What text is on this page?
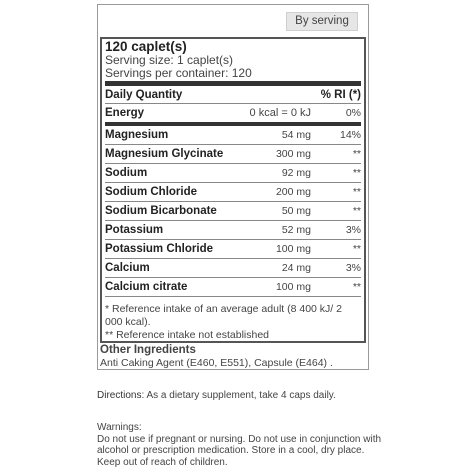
By serving
120 caplet(s)
Serving size: 1 caplet(s)
Servings per container: 120
Daily Quantity	% RI (*)
Energy	0 kcal = 0 kJ	0%
Magnesium	54 mg	14%
Magnesium Glycinate	300 mg	**
Sodium	92 mg	**
Sodium Chloride	200 mg	**
Sodium Bicarbonate	50 mg	**
Potassium	52 mg	3%
Potassium Chloride	100 mg	**
Calcium	24 mg	3%
Calcium citrate	100 mg	**
* Reference intake of an average adult (8 400 kJ/ 2 000 kcal).
** Reference intake not established
Other Ingredients
Anti Caking Agent (E460, E551), Capsule (E464) .
Directions: As a dietary supplement, take 4 caps daily.
Warnings:
Do not use if pregnant or nursing. Do not use in conjunction with alcohol or prescription medication. Store in a cool, dry place. Keep out of reach of children.
